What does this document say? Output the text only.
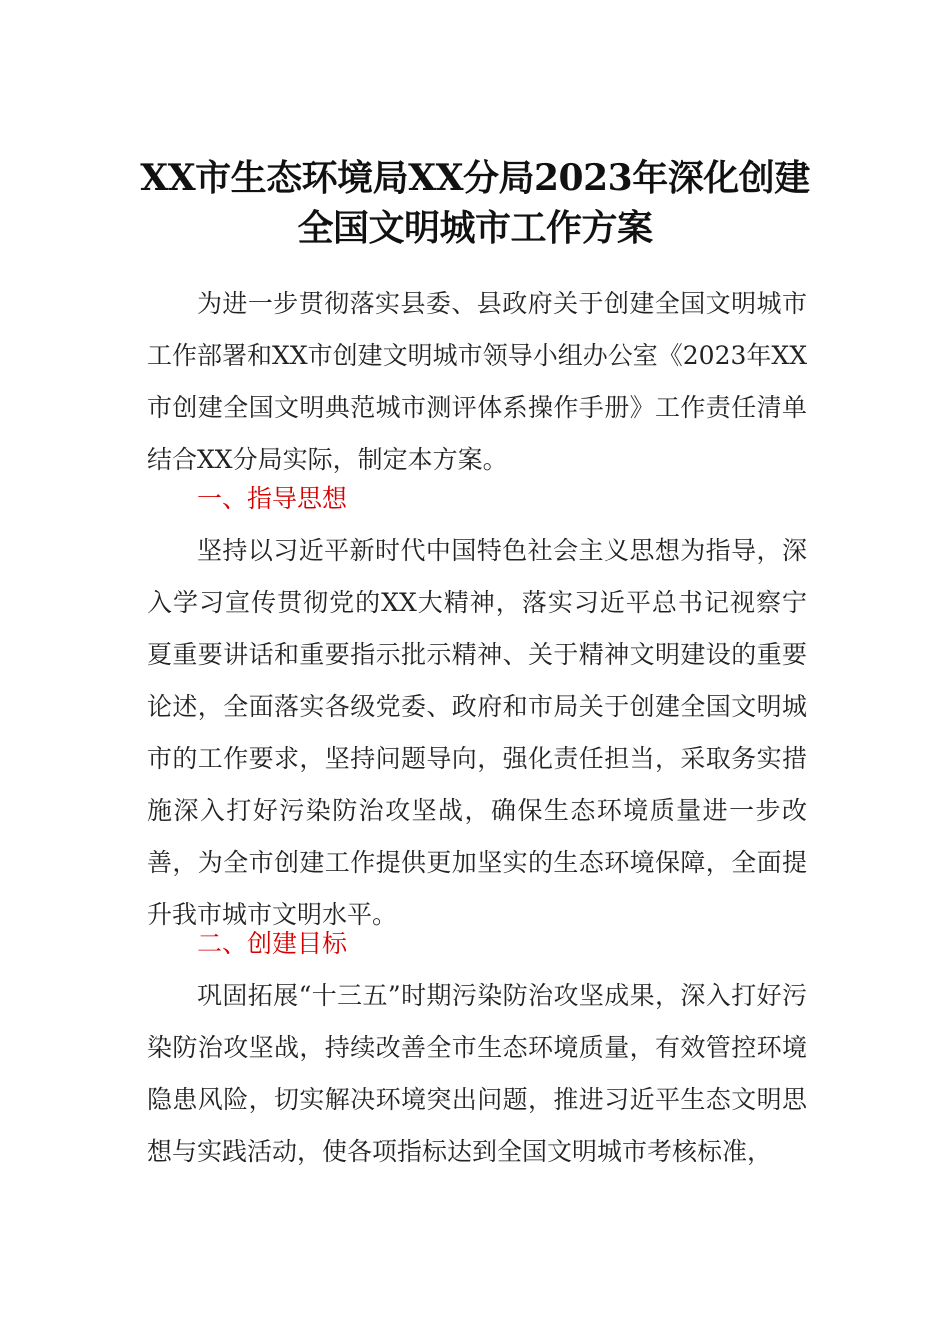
XX市生态环境局XX分局2023年深化创建
全国文明城市工作方案

为进一步贯彻落实县委、县政府关于创建全国文明城市工作部署和XX市创建文明城市领导小组办公室《2023年XX市创建全国文明典范城市测评体系操作手册》工作责任清单结合XX分局实际，制定本方案。

一、指导思想

坚持以习近平新时代中国特色社会主义思想为指导，深入学习宣传贯彻党的XX大精神，落实习近平总书记视察宁夏重要讲话和重要指示批示精神、关于精神文明建设的重要论述，全面落实各级党委、政府和市局关于创建全国文明城市的工作要求，坚持问题导向，强化责任担当，采取务实措施深入打好污染防治攻坚战，确保生态环境质量进一步改善，为全市创建工作提供更加坚实的生态环境保障，全面提升我市城市文明水平。

二、创建目标

巩固拓展“十三五”时期污染防治攻坚成果，深入打好污染防治攻坚战，持续改善全市生态环境质量，有效管控环境隐患风险，切实解决环境突出问题，推进习近平生态文明思想与实践活动，使各项指标达到全国文明城市考核标准，
